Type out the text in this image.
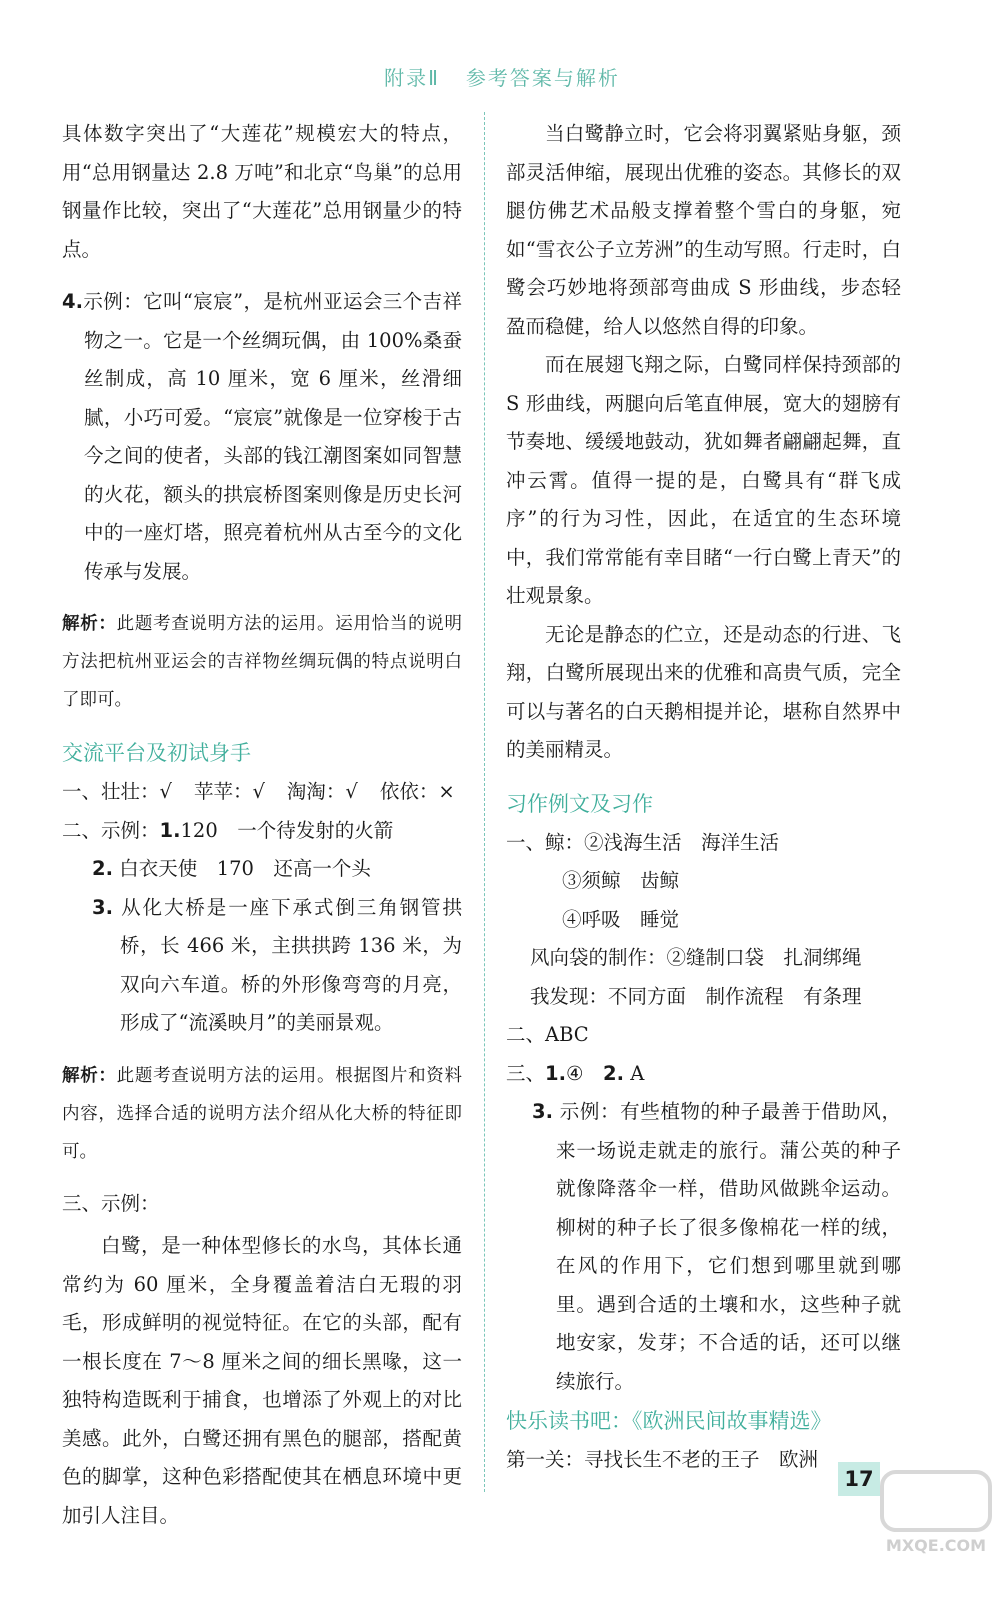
附录Ⅱ 参考答案与解析

具体数字突出了“大莲花”规模宏大的特点，用“总用钢量达 2.8 万吨”和北京“鸟巢”的总用钢量作比较，突出了“大莲花”总用钢量少的特点。

4.示例：它叫“宸宸”，是杭州亚运会三个吉祥物之一。它是一个丝绸玩偶，由 100%桑蚕丝制成，高 10 厘米，宽 6 厘米，丝滑细腻，小巧可爱。“宸宸”就像是一位穿梭于古今之间的使者，头部的钱江潮图案如同智慧的火花，额头的拱宸桥图案则像是历史长河中的一座灯塔，照亮着杭州从古至今的文化传承与发展。

解析：此题考查说明方法的运用。运用恰当的说明方法把杭州亚运会的吉祥物丝绸玩偶的特点说明白了即可。

交流平台及初试身手

一、壮壮：√ 苹苹：√ 淘淘：√ 依依：×

二、示例：1.120　一个待发射的火箭

2. 白衣天使　170　还高一个头

3. 从化大桥是一座下承式倒三角钢管拱桥，长 466 米，主拱拱跨 136 米，为双向六车道。桥的外形像弯弯的月亮，形成了“流溪映月”的美丽景观。

解析：此题考查说明方法的运用。根据图片和资料内容，选择合适的说明方法介绍从化大桥的特征即可。

三、示例：

白鹭，是一种体型修长的水鸟，其体长通常约为 60 厘米，全身覆盖着洁白无瑕的羽毛，形成鲜明的视觉特征。在它的头部，配有一根长度在 7～8 厘米之间的细长黑喙，这一独特构造既利于捕食，也增添了外观上的对比美感。此外，白鹭还拥有黑色的腿部，搭配黄色的脚掌，这种色彩搭配使其在栖息环境中更加引人注目。

当白鹭静立时，它会将羽翼紧贴身躯，颈部灵活伸缩，展现出优雅的姿态。其修长的双腿仿佛艺术品般支撑着整个雪白的身躯，宛如“雪衣公子立芳洲”的生动写照。行走时，白鹭会巧妙地将颈部弯曲成 S 形曲线，步态轻盈而稳健，给人以悠然自得的印象。

而在展翅飞翔之际，白鹭同样保持颈部的 S 形曲线，两腿向后笔直伸展，宽大的翅膀有节奏地、缓缓地鼓动，犹如舞者翩翩起舞，直冲云霄。值得一提的是，白鹭具有“群飞成序”的行为习性，因此，在适宜的生态环境中，我们常常能有幸目睹“一行白鹭上青天”的壮观景象。

无论是静态的伫立，还是动态的行进、飞翔，白鹭所展现出来的优雅和高贵气质，完全可以与著名的白天鹅相提并论，堪称自然界中的美丽精灵。

习作例文及习作

一、鲸：②浅海生活　海洋生活

③须鲸　齿鲸

④呼吸　睡觉

风向袋的制作：②缝制口袋　扎洞绑绳

我发现：不同方面　制作流程　有条理

二、ABC

三、1.④　 2. A

3. 示例：有些植物的种子最善于借助风，来一场说走就走的旅行。蒲公英的种子就像降落伞一样，借助风做跳伞运动。柳树的种子长了很多像棉花一样的绒，在风的作用下，它们想到哪里就到哪里。遇到合适的土壤和水，这些种子就地安家，发芽；不合适的话，还可以继续旅行。

快乐读书吧：《欧洲民间故事精选》

第一关：寻找长生不老的王子　欧洲

17
MXQE.COM
